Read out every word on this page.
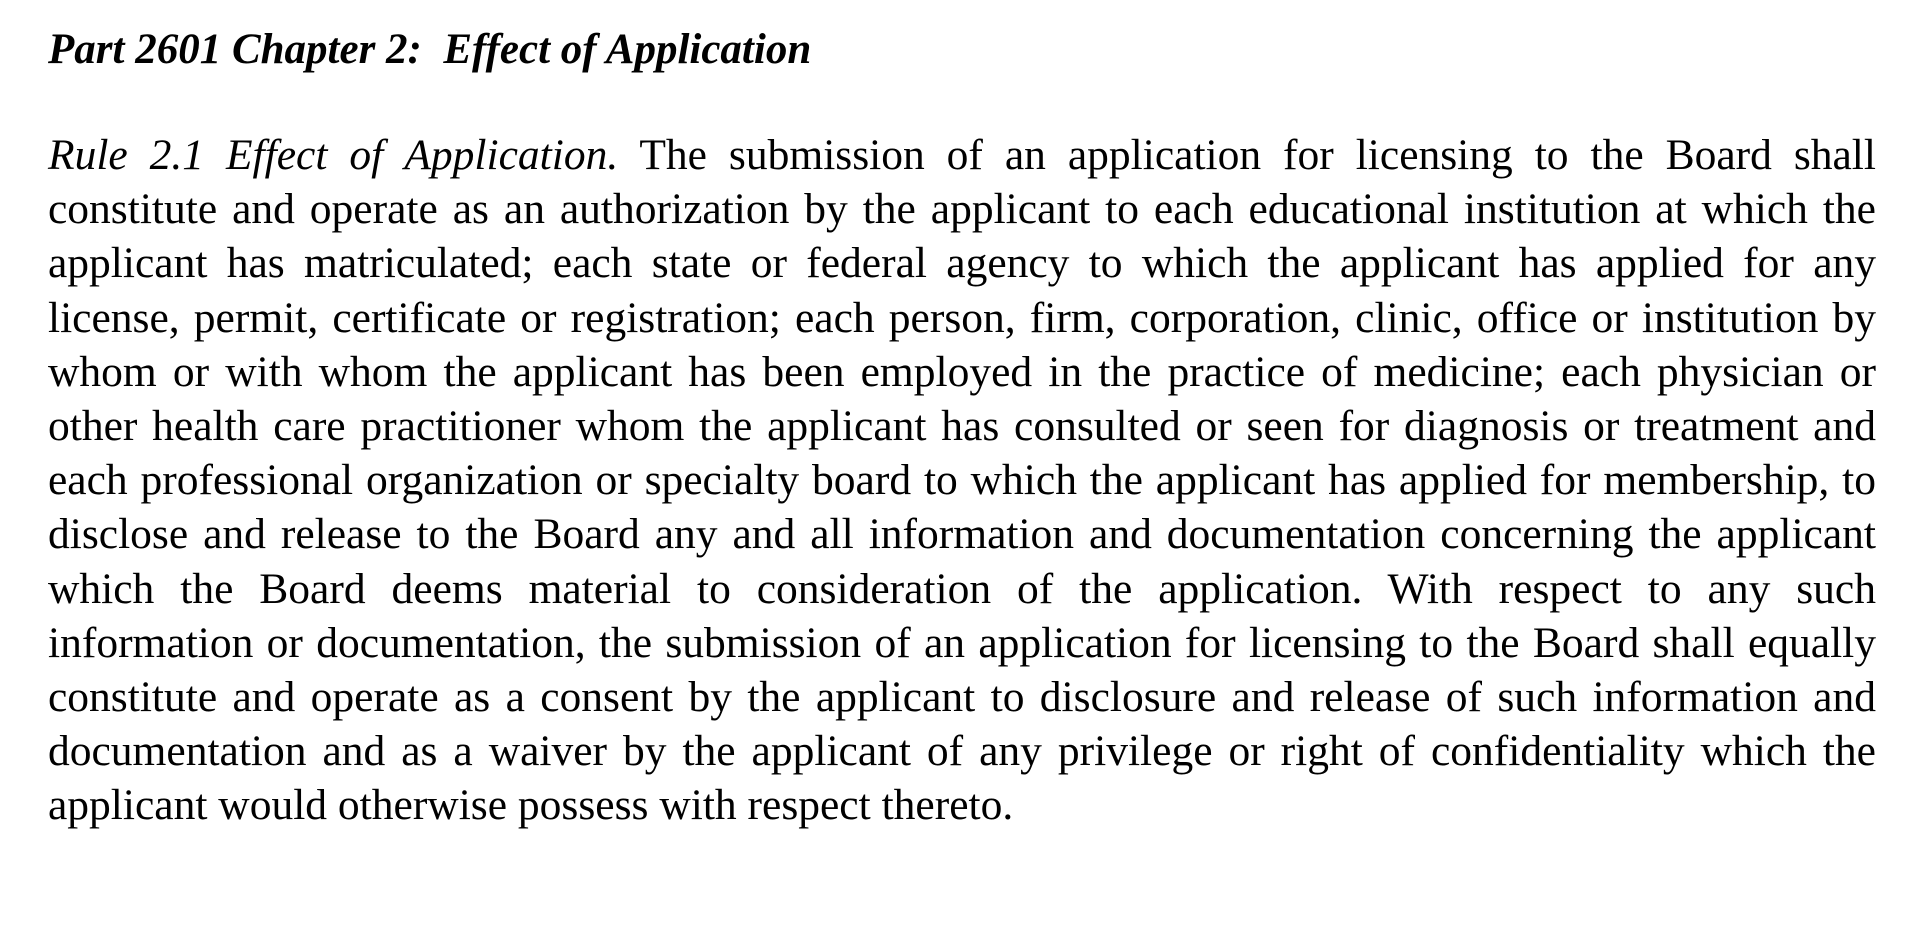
Part 2601 Chapter 2:  Effect of Application

Rule 2.1 Effect of Application. The submission of an application for licensing to the Board shall constitute and operate as an authorization by the applicant to each educational institution at which the applicant has matriculated; each state or federal agency to which the applicant has applied for any license, permit, certificate or registration; each person, firm, corporation, clinic, office or institution by whom or with whom the applicant has been employed in the practice of medicine; each physician or other health care practitioner whom the applicant has consulted or seen for diagnosis or treatment and each professional organization or specialty board to which the applicant has applied for membership, to disclose and release to the Board any and all information and documentation concerning the applicant which the Board deems material to consideration of the application. With respect to any such information or documentation, the submission of an application for licensing to the Board shall equally constitute and operate as a consent by the applicant to disclosure and release of such information and documentation and as a waiver by the applicant of any privilege or right of confidentiality which the applicant would otherwise possess with respect thereto.
